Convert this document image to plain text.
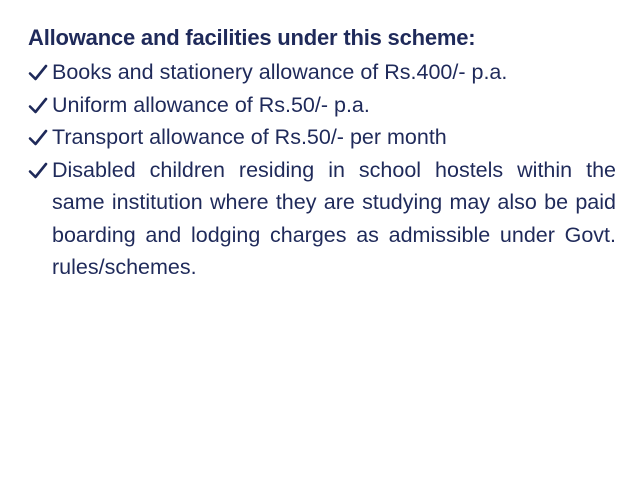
Allowance and facilities under this scheme:
Books and stationery allowance of Rs.400/- p.a.
Uniform allowance of Rs.50/- p.a.
Transport allowance of Rs.50/- per month
Disabled children residing in school hostels within the same institution where they are studying may also be paid boarding and lodging charges as admissible under Govt. rules/schemes.
